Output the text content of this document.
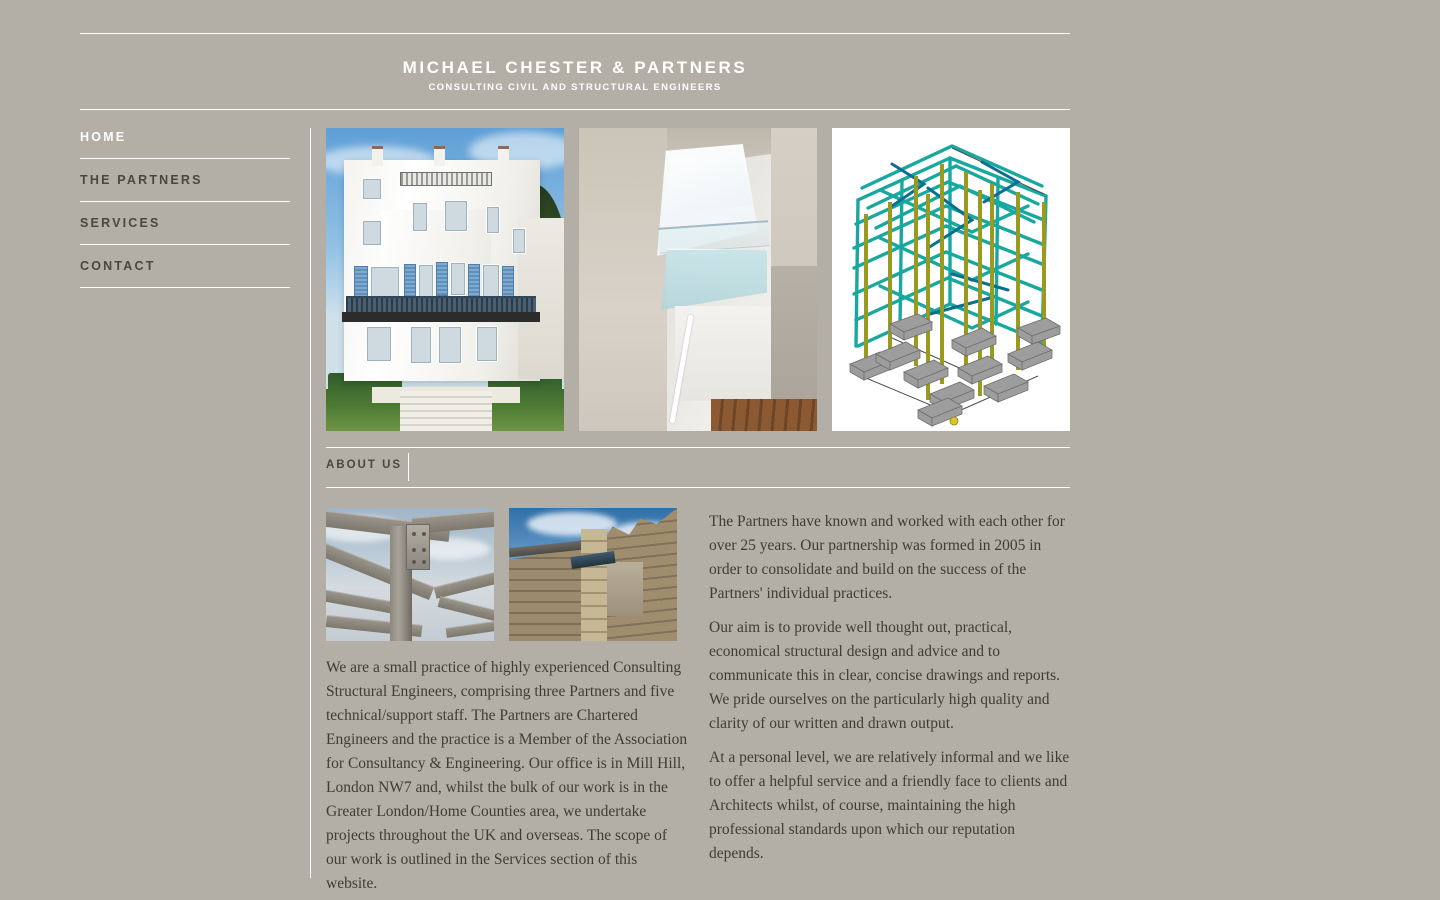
MICHAEL CHESTER & PARTNERS
CONSULTING CIVIL AND STRUCTURAL ENGINEERS
HOME
THE PARTNERS
SERVICES
CONTACT
ABOUT US

We are a small practice of highly experienced Consulting Structural Engineers, comprising three Partners and five technical/support staff. The Partners are Chartered Engineers and the practice is a Member of the Association for Consultancy & Engineering. Our office is in Mill Hill, London NW7 and, whilst the bulk of our work is in the Greater London/Home Counties area, we undertake projects throughout the UK and overseas. The scope of our work is outlined in the Services section of this website.

The Partners have known and worked with each other for over 25 years. Our partnership was formed in 2005 in order to consolidate and build on the success of the Partners' individual practices.

Our aim is to provide well thought out, practical, economical structural design and advice and to communicate this in clear, concise drawings and reports. We pride ourselves on the particularly high quality and clarity of our written and drawn output.

At a personal level, we are relatively informal and we like to offer a helpful service and a friendly face to clients and Architects whilst, of course, maintaining the high professional standards upon which our reputation depends.
